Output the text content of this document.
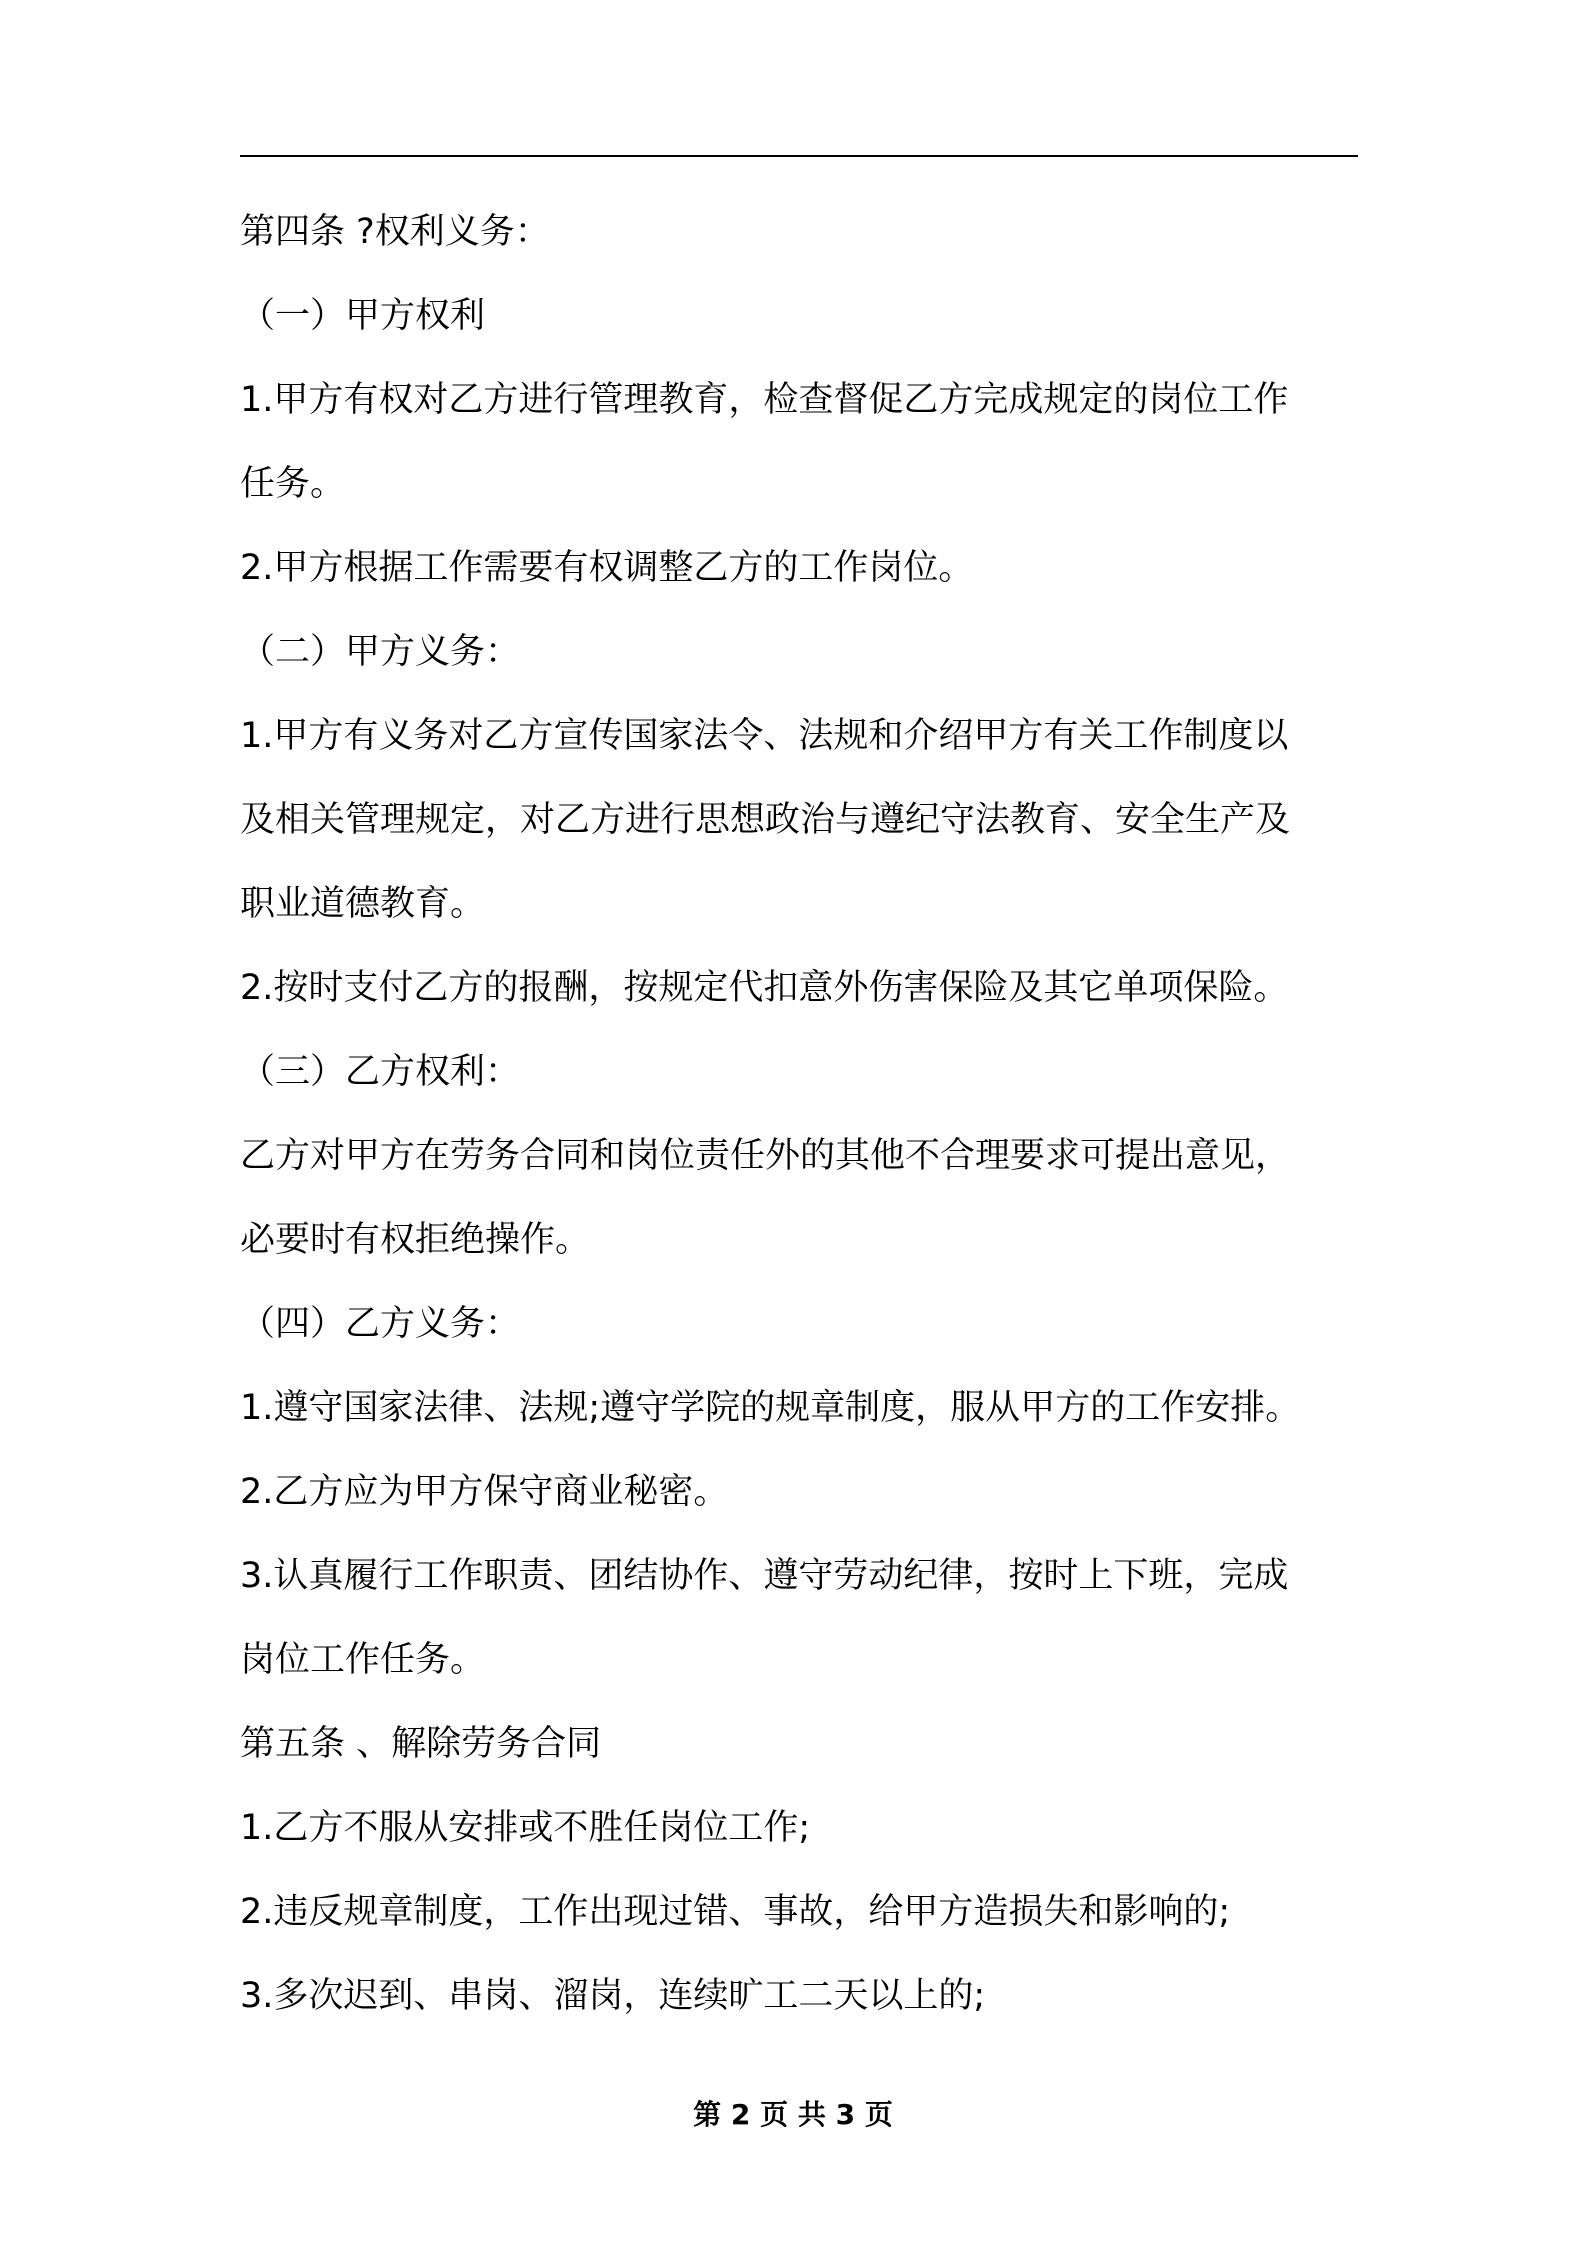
第四条 ?权利义务：
（一）甲方权利
1.甲方有权对乙方进行管理教育，检查督促乙方完成规定的岗位工作
任务。
2.甲方根据工作需要有权调整乙方的工作岗位。
（二）甲方义务：
1.甲方有义务对乙方宣传国家法令、法规和介绍甲方有关工作制度以
及相关管理规定，对乙方进行思想政治与遵纪守法教育、安全生产及
职业道德教育。
2.按时支付乙方的报酬，按规定代扣意外伤害保险及其它单项保险。
（三）乙方权利：
乙方对甲方在劳务合同和岗位责任外的其他不合理要求可提出意见，
必要时有权拒绝操作。
（四）乙方义务：
1.遵守国家法律、法规;遵守学院的规章制度，服从甲方的工作安排。
2.乙方应为甲方保守商业秘密。
3.认真履行工作职责、团结协作、遵守劳动纪律，按时上下班，完成
岗位工作任务。
第五条 、解除劳务合同
1.乙方不服从安排或不胜任岗位工作;
2.违反规章制度，工作出现过错、事故，给甲方造损失和影响的;
3.多次迟到、串岗、溜岗，连续旷工二天以上的;
第 2 页 共 3 页
